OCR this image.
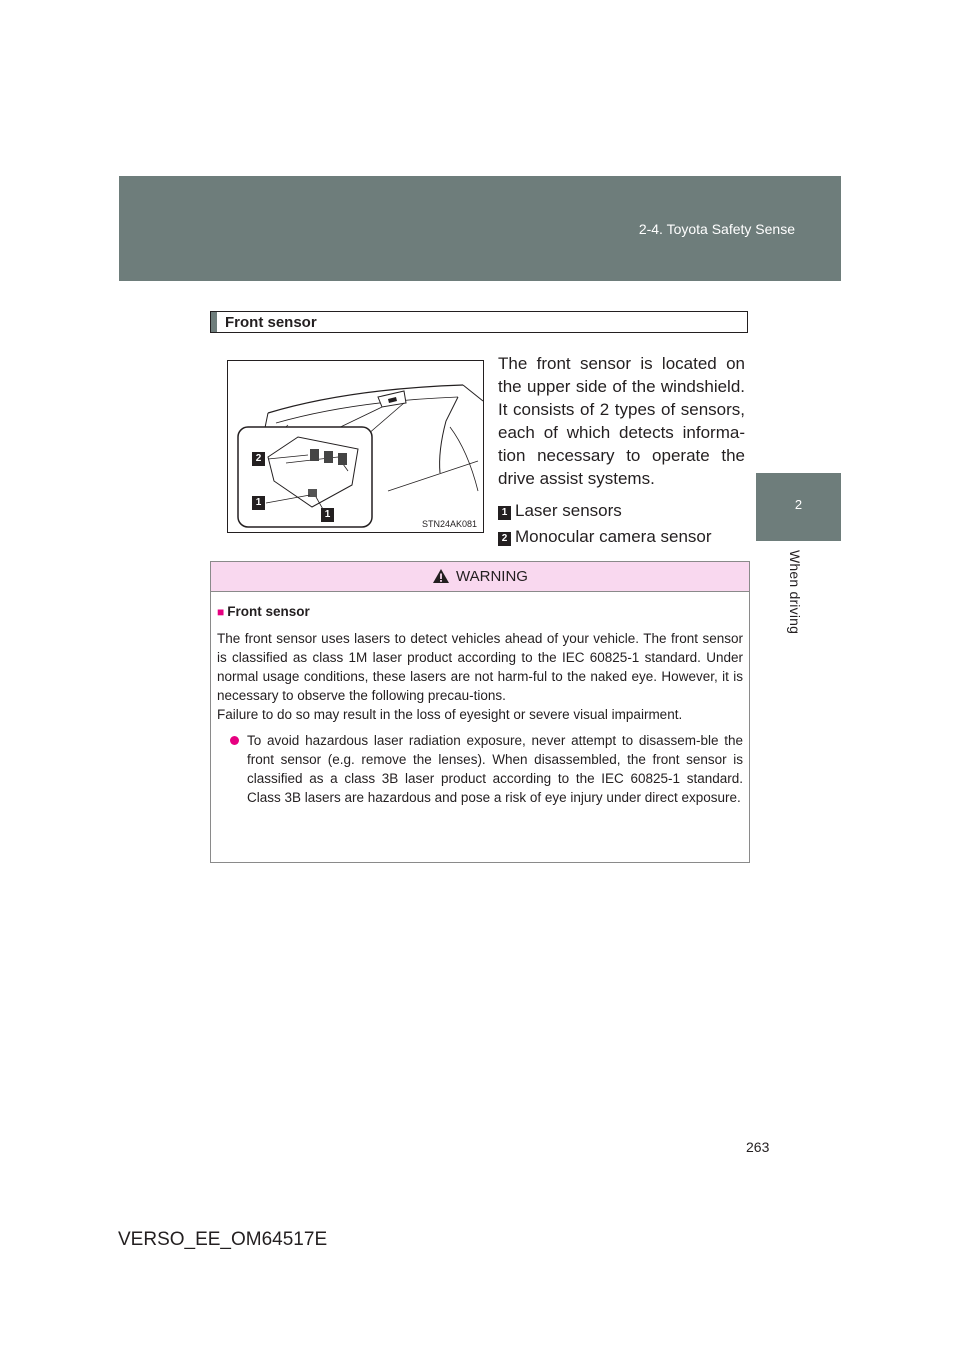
2-4. Toyota Safety Sense
2
When driving
Front sensor
2
1
1
STN24AK081
The front sensor is located on the upper side of the windshield. It consists of 2 types of sensors, each of which detects informa-tion necessary to operate the drive assist systems.
1 Laser sensors
2 Monocular camera sensor
WARNING
■ Front sensor
The front sensor uses lasers to detect vehicles ahead of your vehicle. The front sensor is classified as class 1M laser product according to the IEC 60825-1 standard. Under normal usage conditions, these lasers are not harm-ful to the naked eye. However, it is necessary to observe the following precau-tions.
Failure to do so may result in the loss of eyesight or severe visual impairment.
To avoid hazardous laser radiation exposure, never attempt to disassem-ble the front sensor (e.g. remove the lenses). When disassembled, the front sensor is classified as a class 3B laser product according to the IEC 60825-1 standard. Class 3B lasers are hazardous and pose a risk of eye injury under direct exposure.
263
VERSO_EE_OM64517E
